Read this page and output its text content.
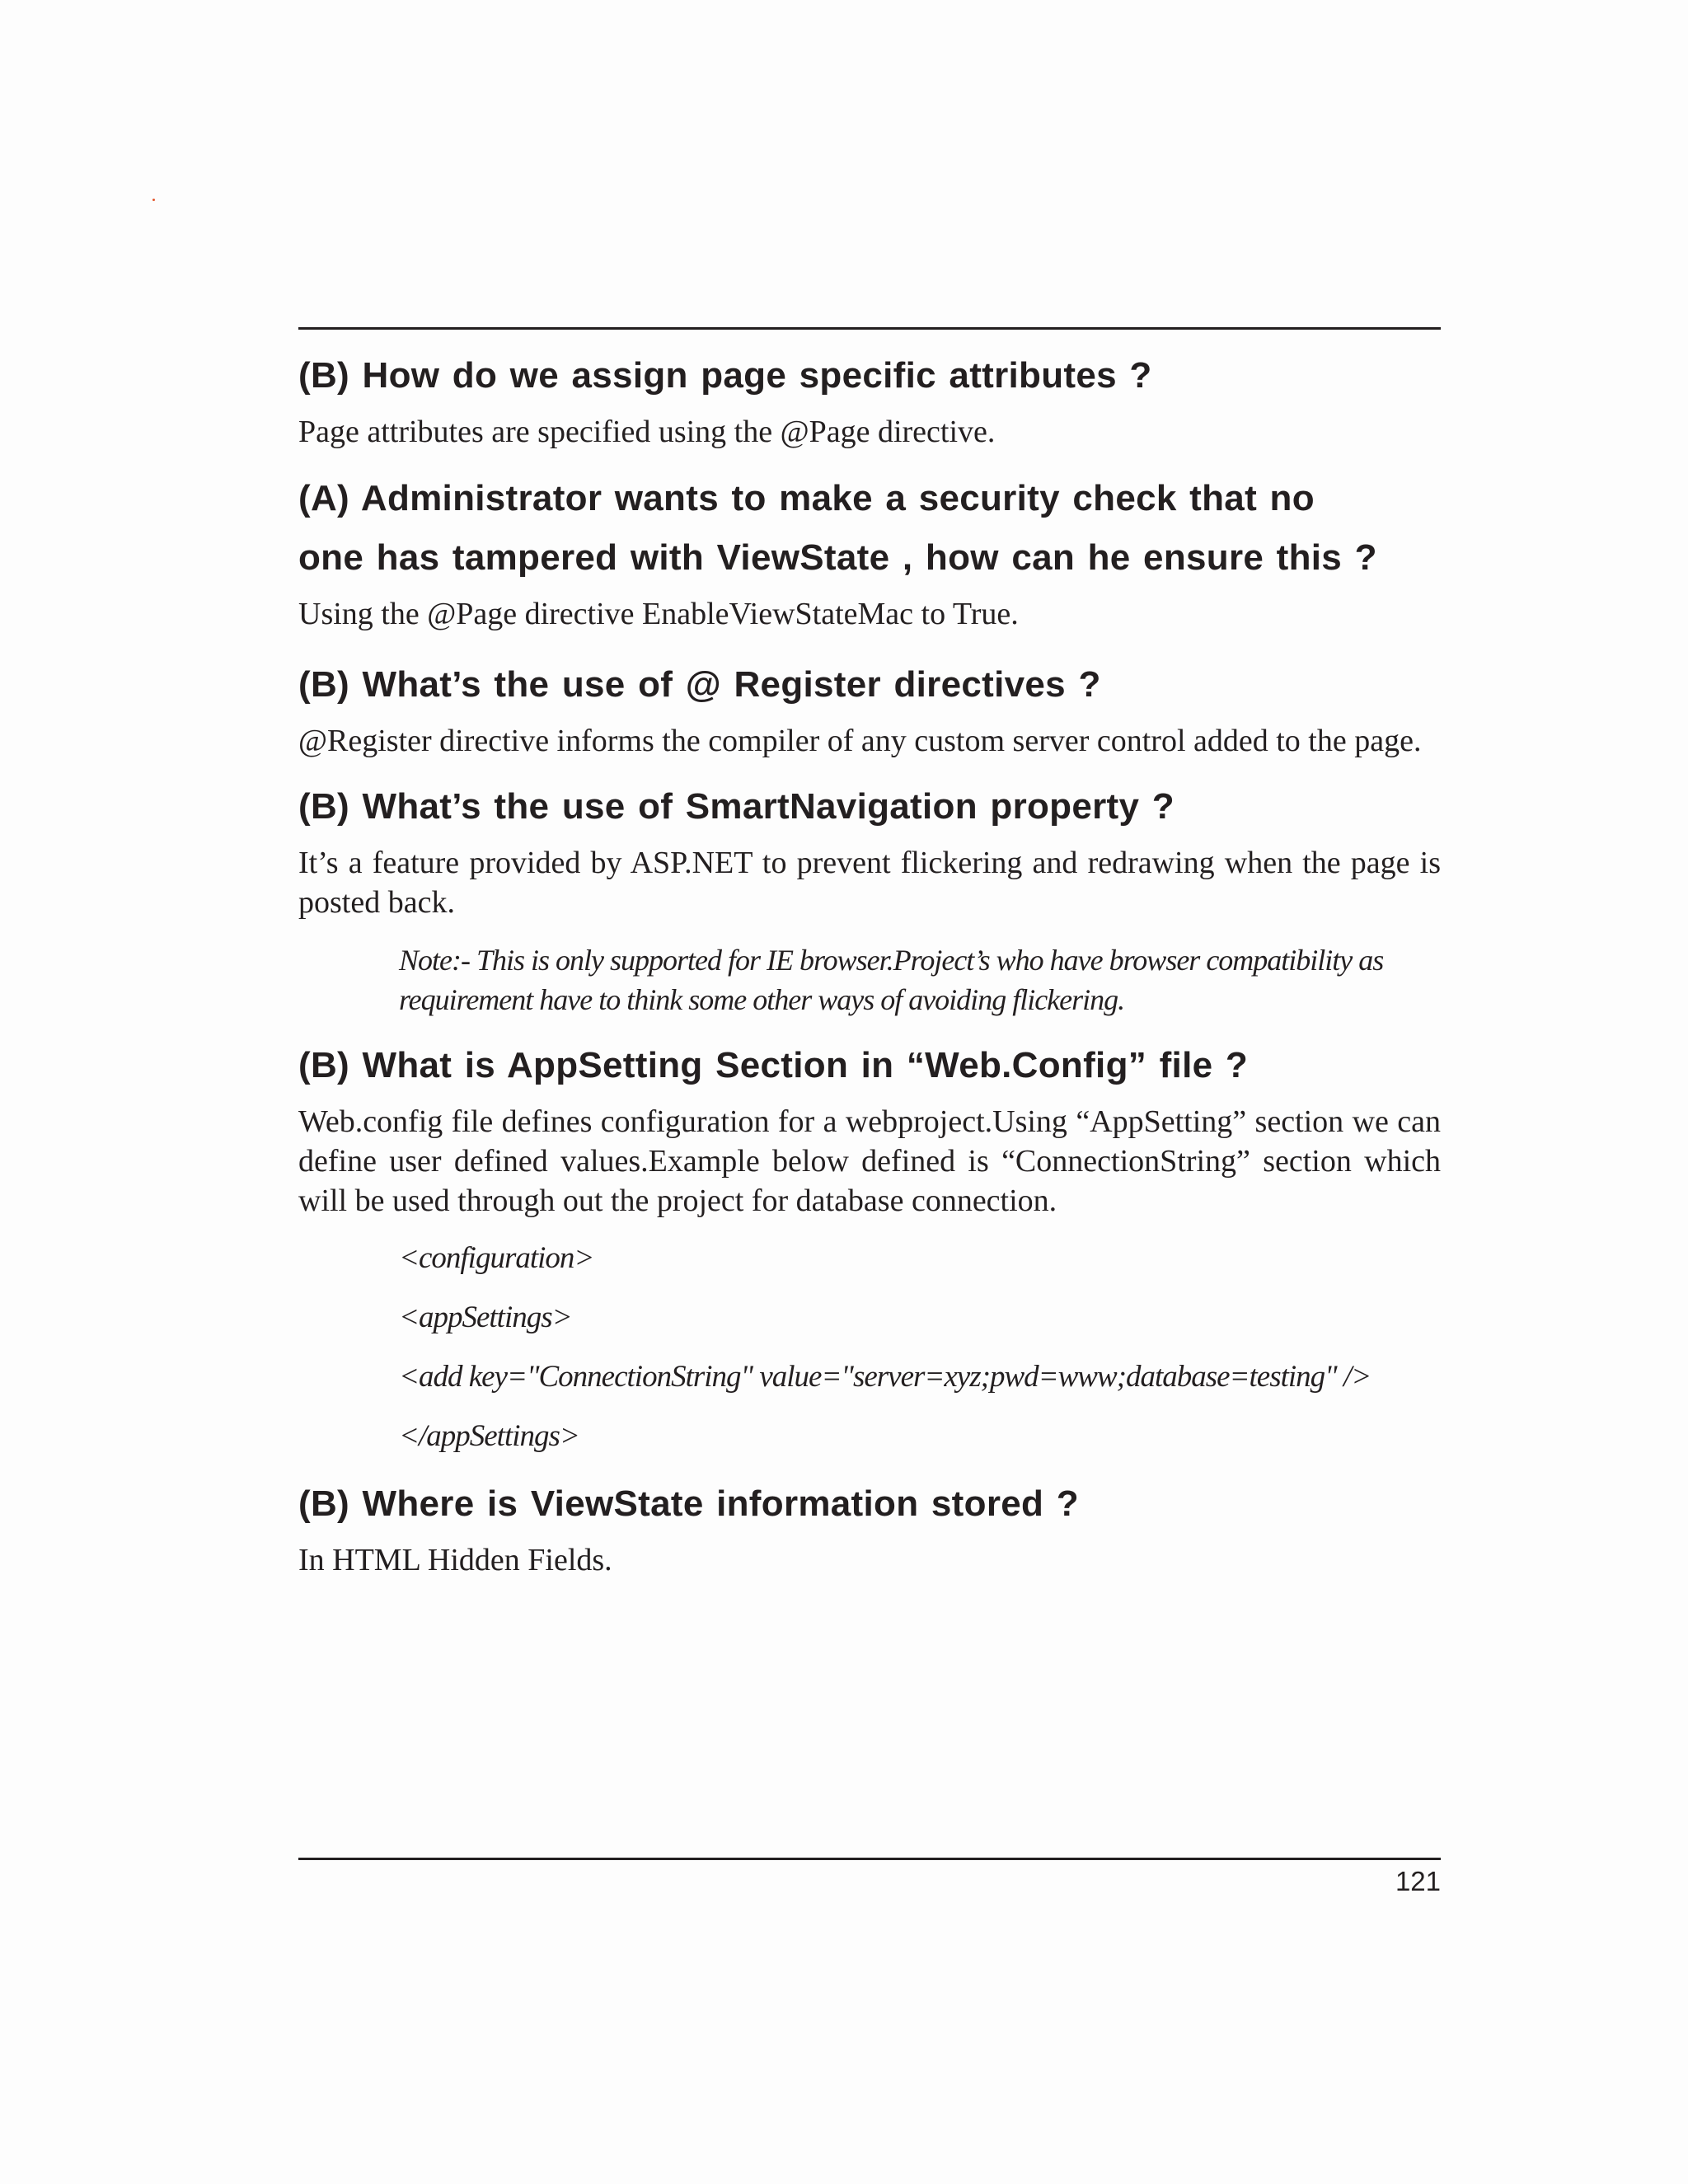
(B) How do we assign page specific attributes ?

Page attributes are specified using the @Page directive.

(A) Administrator wants to make a security check that no
one has tampered with ViewState , how can he ensure this ?

Using the @Page directive EnableViewStateMac to True.

(B) What’s the use of @ Register directives ?

@Register directive informs the compiler of any custom server control added to the page.

(B) What’s the use of SmartNavigation property ?

It’s a feature provided by ASP.NET to prevent flickering and redrawing when the page is posted back.

Note:- This is only supported for IE browser.Project’s who have browser compatibility as requirement have to think some other ways of avoiding flickering.

(B) What is AppSetting Section in “Web.Config” file ?

Web.config file defines configuration for a webproject.Using “AppSetting” section we can define user defined values.Example below defined is “ConnectionString” section which will be used through out the project for database connection.

<configuration>
<appSettings>
<add key="ConnectionString" value="server=xyz;pwd=www;database=testing" />
</appSettings>
(B) Where is ViewState information stored ?

In HTML Hidden Fields.

121
